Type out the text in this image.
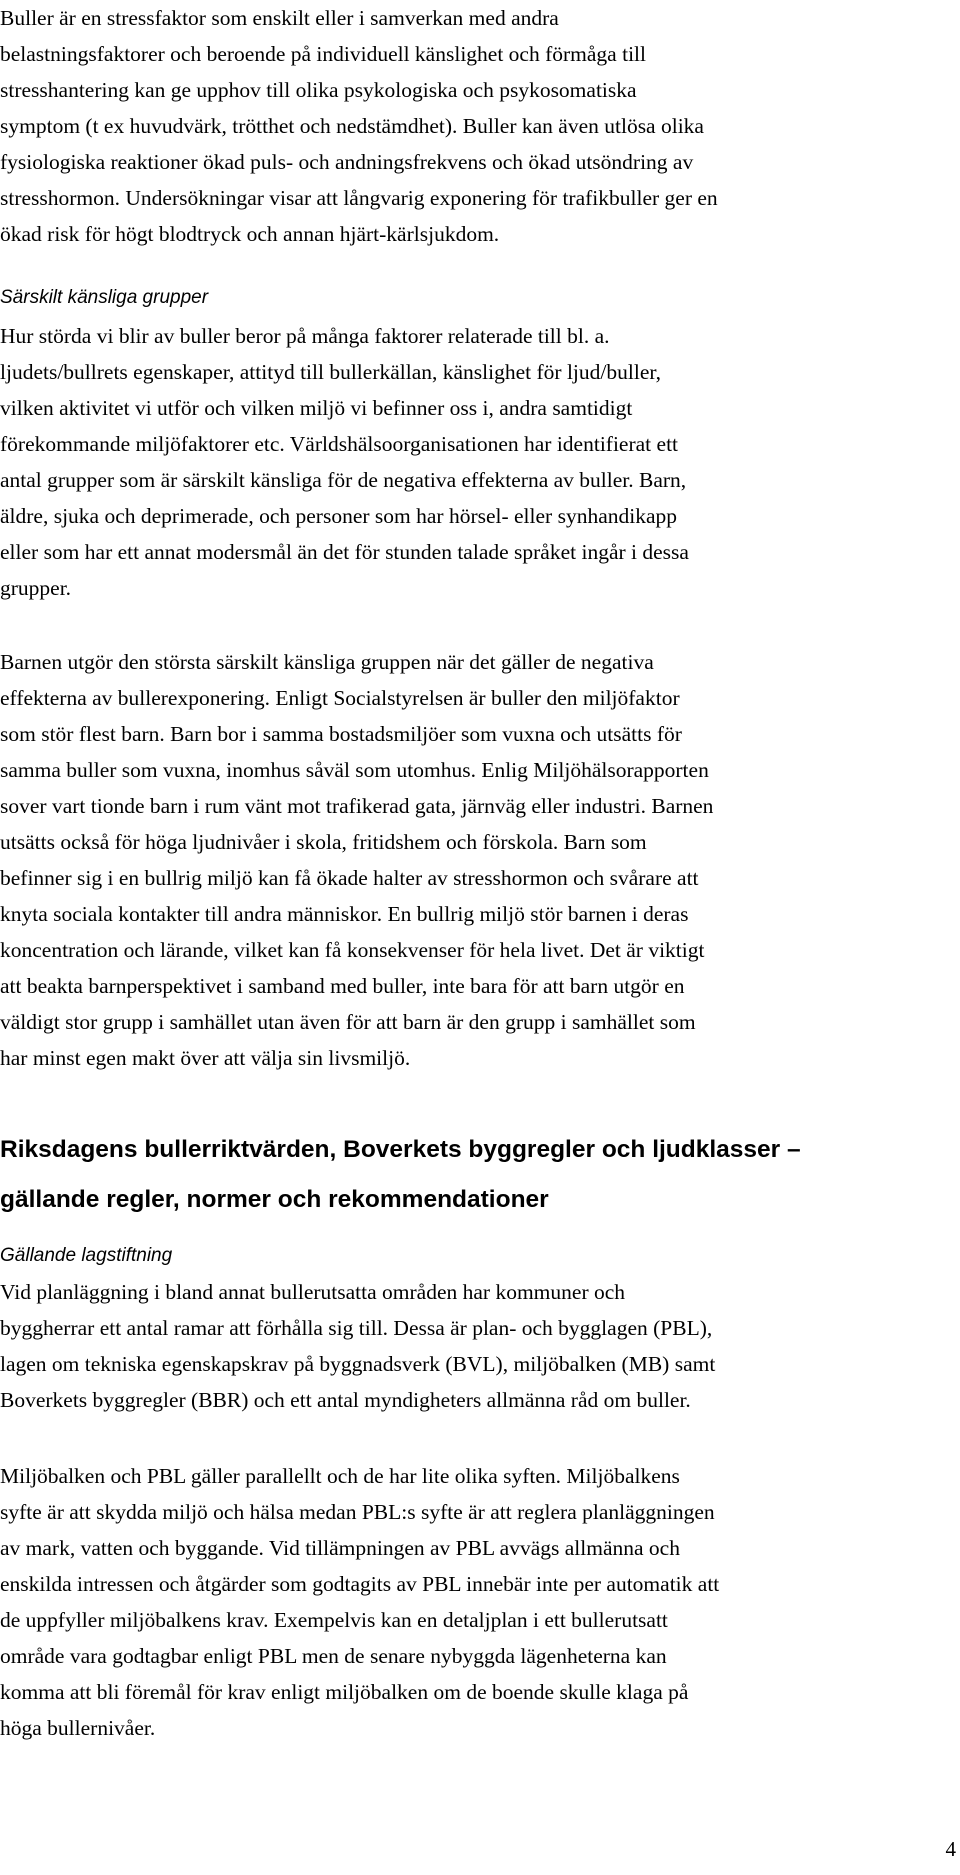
Buller är en stressfaktor som enskilt eller i samverkan med andra
belastningsfaktorer och beroende på individuell känslighet och förmåga till
stresshantering kan ge upphov till olika psykologiska och psykosomatiska
symptom (t ex huvudvärk, trötthet och nedstämdhet). Buller kan även utlösa olika
fysiologiska reaktioner ökad puls- och andningsfrekvens och ökad utsöndring av
stresshormon. Undersökningar visar att långvarig exponering för trafikbuller ger en
ökad risk för högt blodtryck och annan hjärt-kärlsjukdom.

Särskilt känsliga grupper

Hur störda vi blir av buller beror på många faktorer relaterade till bl. a.
ljudets/bullrets egenskaper, attityd till bullerkällan, känslighet för ljud/buller,
vilken aktivitet vi utför och vilken miljö vi befinner oss i, andra samtidigt
förekommande miljöfaktorer etc. Världshälsoorganisationen har identifierat ett
antal grupper som är särskilt känsliga för de negativa effekterna av buller. Barn,
äldre, sjuka och deprimerade, och personer som har hörsel- eller synhandikapp
eller som har ett annat modersmål än det för stunden talade språket ingår i dessa
grupper.

Barnen utgör den största särskilt känsliga gruppen när det gäller de negativa
effekterna av bullerexponering. Enligt Socialstyrelsen är buller den miljöfaktor
som stör flest barn. Barn bor i samma bostadsmiljöer som vuxna och utsätts för
samma buller som vuxna, inomhus såväl som utomhus. Enlig Miljöhälsorapporten
sover vart tionde barn i rum vänt mot trafikerad gata, järnväg eller industri. Barnen
utsätts också för höga ljudnivåer i skola, fritidshem och förskola. Barn som
befinner sig i en bullrig miljö kan få ökade halter av stresshormon och svårare att
knyta sociala kontakter till andra människor. En bullrig miljö stör barnen i deras
koncentration och lärande, vilket kan få konsekvenser för hela livet. Det är viktigt
att beakta barnperspektivet i samband med buller, inte bara för att barn utgör en
väldigt stor grupp i samhället utan även för att barn är den grupp i samhället som
har minst egen makt över att välja sin livsmiljö.

Riksdagens bullerriktvärden, Boverkets byggregler och ljudklasser –
gällande regler, normer och rekommendationer
Gällande lagstiftning

Vid planläggning i bland annat bullerutsatta områden har kommuner och
byggherrar ett antal ramar att förhålla sig till. Dessa är plan- och bygglagen (PBL),
lagen om tekniska egenskapskrav på byggnadsverk (BVL), miljöbalken (MB) samt
Boverkets byggregler (BBR) och ett antal myndigheters allmänna råd om buller.

Miljöbalken och PBL gäller parallellt och de har lite olika syften. Miljöbalkens
syfte är att skydda miljö och hälsa medan PBL:s syfte är att reglera planläggningen
av mark, vatten och byggande. Vid tillämpningen av PBL avvägs allmänna och
enskilda intressen och åtgärder som godtagits av PBL innebär inte per automatik att
de uppfyller miljöbalkens krav. Exempelvis kan en detaljplan i ett bullerutsatt
område vara godtagbar enligt PBL men de senare nybyggda lägenheterna kan
komma att bli föremål för krav enligt miljöbalken om de boende skulle klaga på
höga bullernivåer.

4
